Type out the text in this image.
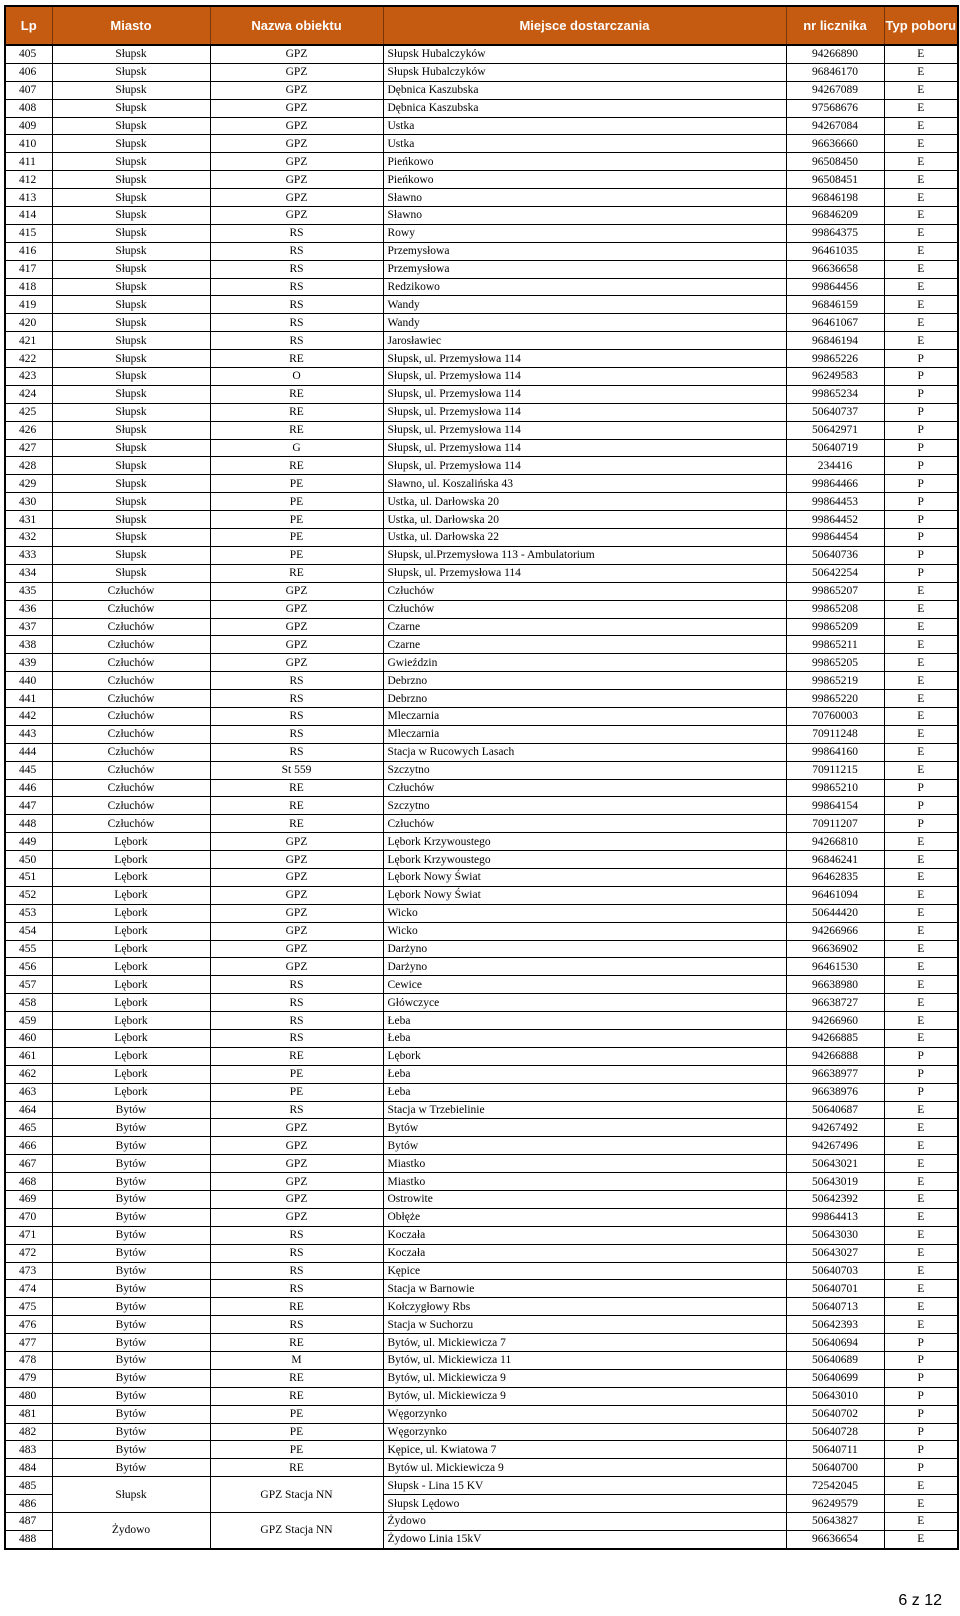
Lp	Miasto	Nazwa obiektu	Miejsce dostarczania	nr licznika	Typ poboru
405	Słupsk	GPZ	Słupsk Hubalczyków	94266890	E
406	Słupsk	GPZ	Słupsk Hubalczyków	96846170	E
407	Słupsk	GPZ	Dębnica Kaszubska	94267089	E
408	Słupsk	GPZ	Dębnica Kaszubska	97568676	E
409	Słupsk	GPZ	Ustka	94267084	E
410	Słupsk	GPZ	Ustka	96636660	E
411	Słupsk	GPZ	Pieńkowo	96508450	E
412	Słupsk	GPZ	Pieńkowo	96508451	E
413	Słupsk	GPZ	Sławno	96846198	E
414	Słupsk	GPZ	Sławno	96846209	E
415	Słupsk	RS	Rowy	99864375	E
416	Słupsk	RS	Przemysłowa	96461035	E
417	Słupsk	RS	Przemysłowa	96636658	E
418	Słupsk	RS	Redzikowo	99864456	E
419	Słupsk	RS	Wandy	96846159	E
420	Słupsk	RS	Wandy	96461067	E
421	Słupsk	RS	Jarosławiec	96846194	E
422	Słupsk	RE	Słupsk, ul. Przemysłowa 114	99865226	P
423	Słupsk	O	Słupsk, ul. Przemysłowa 114	96249583	P
424	Słupsk	RE	Słupsk, ul. Przemysłowa 114	99865234	P
425	Słupsk	RE	Słupsk, ul. Przemysłowa 114	50640737	P
426	Słupsk	RE	Słupsk, ul. Przemysłowa 114	50642971	P
427	Słupsk	G	Słupsk, ul. Przemysłowa 114	50640719	P
428	Słupsk	RE	Słupsk, ul. Przemysłowa 114	234416	P
429	Słupsk	PE	Sławno, ul. Koszalińska 43	99864466	P
430	Słupsk	PE	Ustka, ul. Darłowska 20	99864453	P
431	Słupsk	PE	Ustka, ul. Darłowska 20	99864452	P
432	Słupsk	PE	Ustka, ul. Darłowska 22	99864454	P
433	Słupsk	PE	Słupsk, ul.Przemysłowa 113 - Ambulatorium	50640736	P
434	Słupsk	RE	Słupsk, ul. Przemysłowa 114	50642254	P
435	Człuchów	GPZ	Człuchów	99865207	E
436	Człuchów	GPZ	Człuchów	99865208	E
437	Człuchów	GPZ	Czarne	99865209	E
438	Człuchów	GPZ	Czarne	99865211	E
439	Człuchów	GPZ	Gwieździn	99865205	E
440	Człuchów	RS	Debrzno	99865219	E
441	Człuchów	RS	Debrzno	99865220	E
442	Człuchów	RS	Mleczarnia	70760003	E
443	Człuchów	RS	Mleczarnia	70911248	E
444	Człuchów	RS	Stacja w Rucowych Lasach	99864160	E
445	Człuchów	St 559	Szczytno	70911215	E
446	Człuchów	RE	Człuchów	99865210	P
447	Człuchów	RE	Szczytno	99864154	P
448	Człuchów	RE	Człuchów	70911207	P
449	Lębork	GPZ	Lębork Krzywoustego	94266810	E
450	Lębork	GPZ	Lębork Krzywoustego	96846241	E
451	Lębork	GPZ	Lębork Nowy Świat	96462835	E
452	Lębork	GPZ	Lębork Nowy Świat	96461094	E
453	Lębork	GPZ	Wicko	50644420	E
454	Lębork	GPZ	Wicko	94266966	E
455	Lębork	GPZ	Darżyno	96636902	E
456	Lębork	GPZ	Darżyno	96461530	E
457	Lębork	RS	Cewice	96638980	E
458	Lębork	RS	Główczyce	96638727	E
459	Lębork	RS	Łeba	94266960	E
460	Lębork	RS	Łeba	94266885	E
461	Lębork	RE	Lębork	94266888	P
462	Lębork	PE	Łeba	96638977	P
463	Lębork	PE	Łeba	96638976	P
464	Bytów	RS	Stacja w Trzebielinie	50640687	E
465	Bytów	GPZ	Bytów	94267492	E
466	Bytów	GPZ	Bytów	94267496	E
467	Bytów	GPZ	Miastko	50643021	E
468	Bytów	GPZ	Miastko	50643019	E
469	Bytów	GPZ	Ostrowite	50642392	E
470	Bytów	GPZ	Obłęże	99864413	E
471	Bytów	RS	Koczała	50643030	E
472	Bytów	RS	Koczała	50643027	E
473	Bytów	RS	Kępice	50640703	E
474	Bytów	RS	Stacja w Barnowie	50640701	E
475	Bytów	RE	Kołczygłowy Rbs	50640713	E
476	Bytów	RS	Stacja w Suchorzu	50642393	E
477	Bytów	RE	Bytów, ul. Mickiewicza 7	50640694	P
478	Bytów	M	Bytów, ul. Mickiewicza 11	50640689	P
479	Bytów	RE	Bytów, ul. Mickiewicza 9	50640699	P
480	Bytów	RE	Bytów, ul. Mickiewicza 9	50643010	P
481	Bytów	PE	Węgorzynko	50640702	P
482	Bytów	PE	Węgorzynko	50640728	P
483	Bytów	PE	Kępice, ul. Kwiatowa 7	50640711	P
484	Bytów	RE	Bytów ul. Mickiewicza 9	50640700	P
485	Słupsk	GPZ Stacja NN	Słupsk - Lina 15 KV	72542045	E
486			Słupsk Lędowo	96249579	E
487	Żydowo	GPZ Stacja NN	Żydowo	50643827	E
488			Żydowo Linia 15kV	96636654	E
6 z 12
